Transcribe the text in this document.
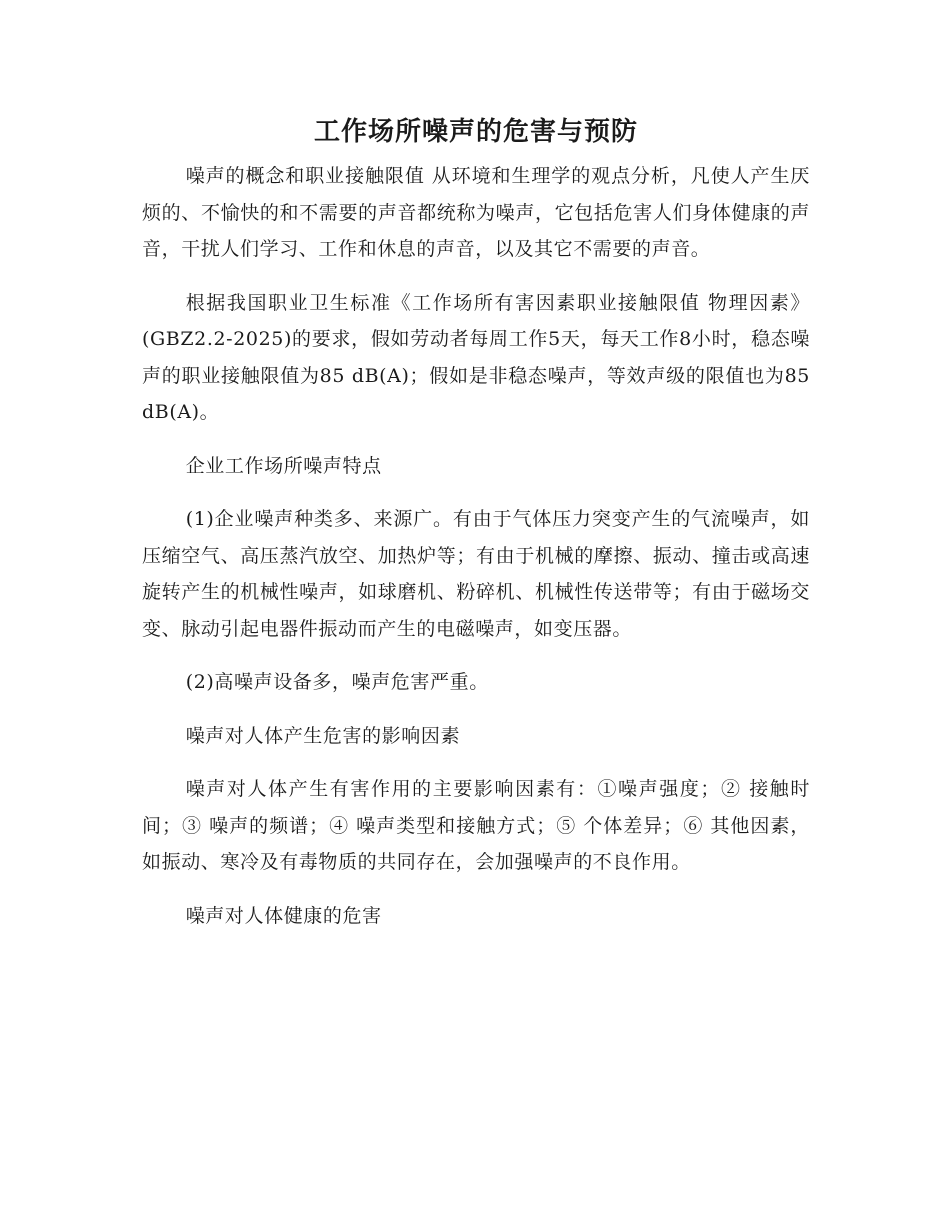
工作场所噪声的危害与预防

噪声的概念和职业接触限值 从环境和生理学的观点分析，凡使人产生厌烦的、不愉快的和不需要的声音都统称为噪声，它包括危害人们身体健康的声音，干扰人们学习、工作和休息的声音，以及其它不需要的声音。

根据我国职业卫生标准《工作场所有害因素职业接触限值 物理因素》(GBZ2.2-2025)的要求，假如劳动者每周工作5天，每天工作8小时，稳态噪声的职业接触限值为85 dB(A)；假如是非稳态噪声，等效声级的限值也为85 dB(A)。

企业工作场所噪声特点

(1)企业噪声种类多、来源广。有由于气体压力突变产生的气流噪声，如压缩空气、高压蒸汽放空、加热炉等；有由于机械的摩擦、振动、撞击或高速旋转产生的机械性噪声，如球磨机、粉碎机、机械性传送带等；有由于磁场交变、脉动引起电器件振动而产生的电磁噪声，如变压器。

(2)高噪声设备多，噪声危害严重。

噪声对人体产生危害的影响因素

噪声对人体产生有害作用的主要影响因素有：①噪声强度；② 接触时间；③ 噪声的频谱；④ 噪声类型和接触方式；⑤ 个体差异；⑥ 其他因素，如振动、寒冷及有毒物质的共同存在，会加强噪声的不良作用。

噪声对人体健康的危害
